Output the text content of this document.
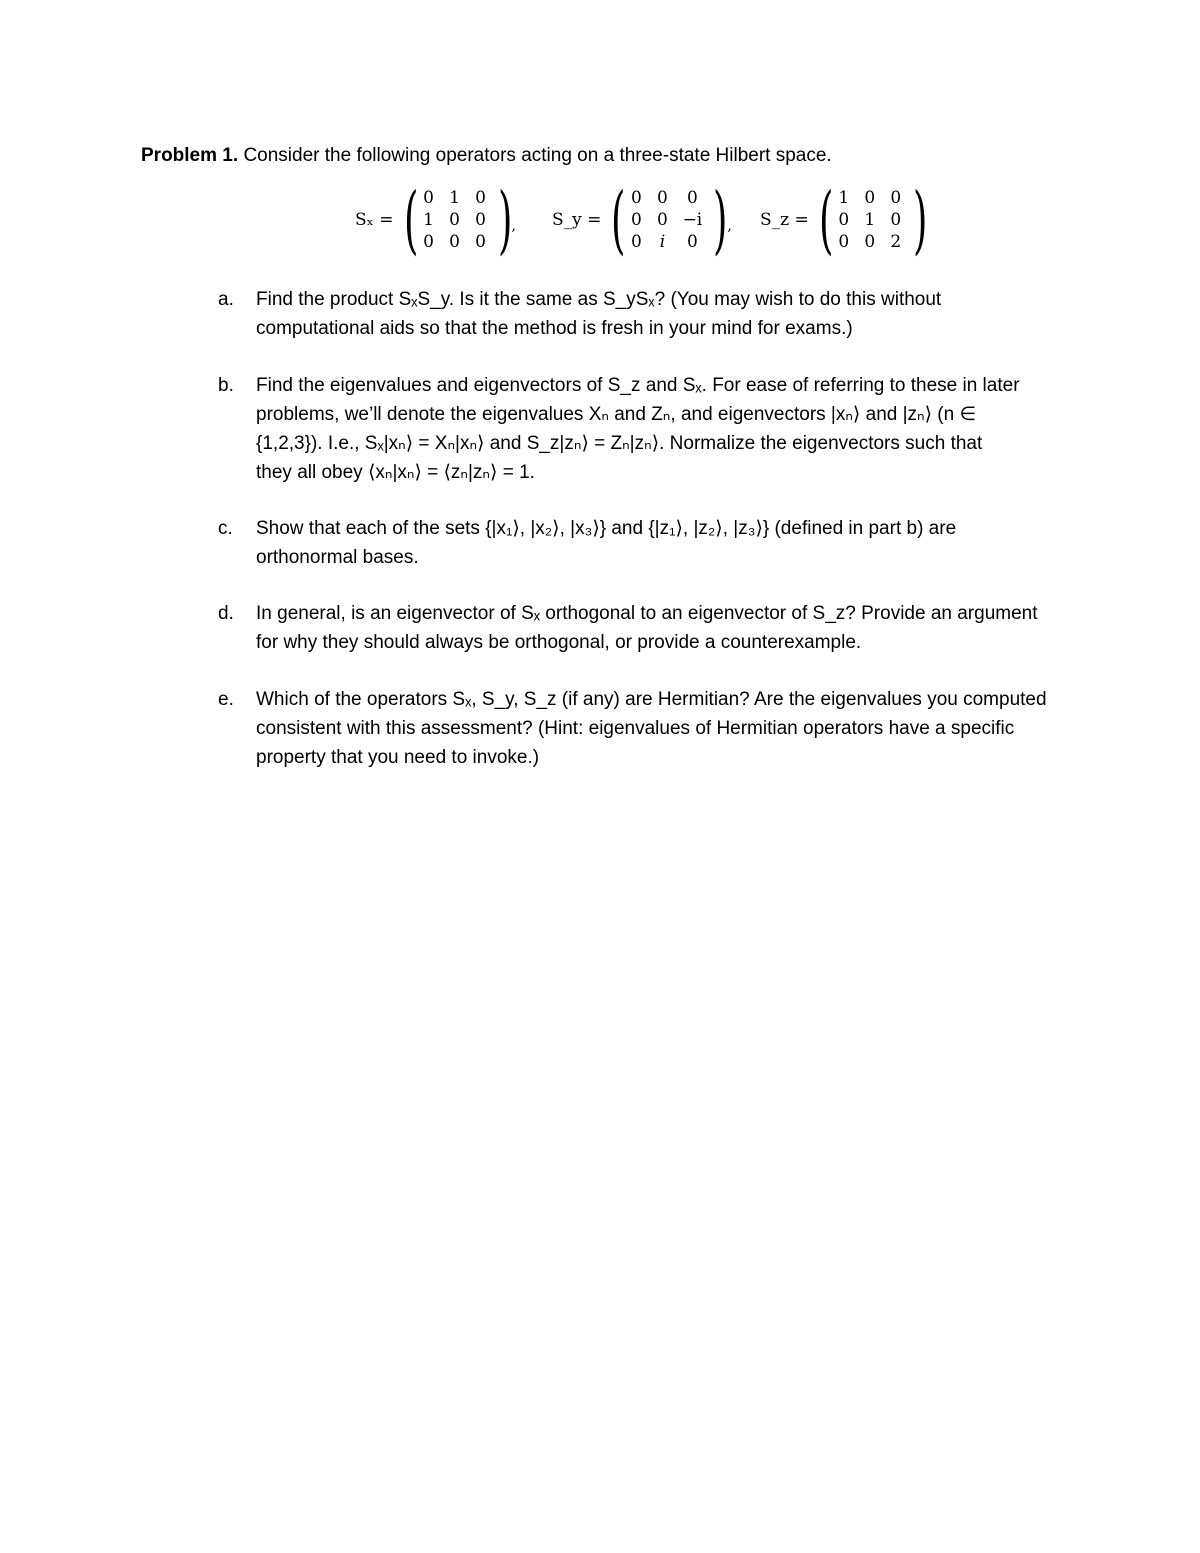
Problem 1. Consider the following operators acting on a three-state Hilbert space.
Sₓ = ( 0 1 0
1 0 0
0 0 0 ) , S_y = ( 0 0 0
0 0 −i
0 i 0 ) , S_z = ( 1 0 0
0 1 0
0 0 2 )
a.	Find the product SₓS_y. Is it the same as S_ySₓ? (You may wish to do this without
computational aids so that the method is fresh in your mind for exams.)
b.	Find the eigenvalues and eigenvectors of S_z and Sₓ. For ease of referring to these in later
problems, we’ll denote the eigenvalues Xₙ and Zₙ, and eigenvectors |xₙ⟩ and |zₙ⟩ (n ∈
{1,2,3}). I.e., Sₓ|xₙ⟩ = Xₙ|xₙ⟩ and S_z|zₙ⟩ = Zₙ|zₙ⟩. Normalize the eigenvectors such that
they all obey ⟨xₙ|xₙ⟩ = ⟨zₙ|zₙ⟩ = 1.
c.	Show that each of the sets {|x₁⟩, |x₂⟩, |x₃⟩} and {|z₁⟩, |z₂⟩, |z₃⟩} (defined in part b) are
orthonormal bases.
d.	In general, is an eigenvector of Sₓ orthogonal to an eigenvector of S_z? Provide an argument
for why they should always be orthogonal, or provide a counterexample.
e.	Which of the operators Sₓ, S_y, S_z (if any) are Hermitian? Are the eigenvalues you computed
consistent with this assessment? (Hint: eigenvalues of Hermitian operators have a specific
property that you need to invoke.)
